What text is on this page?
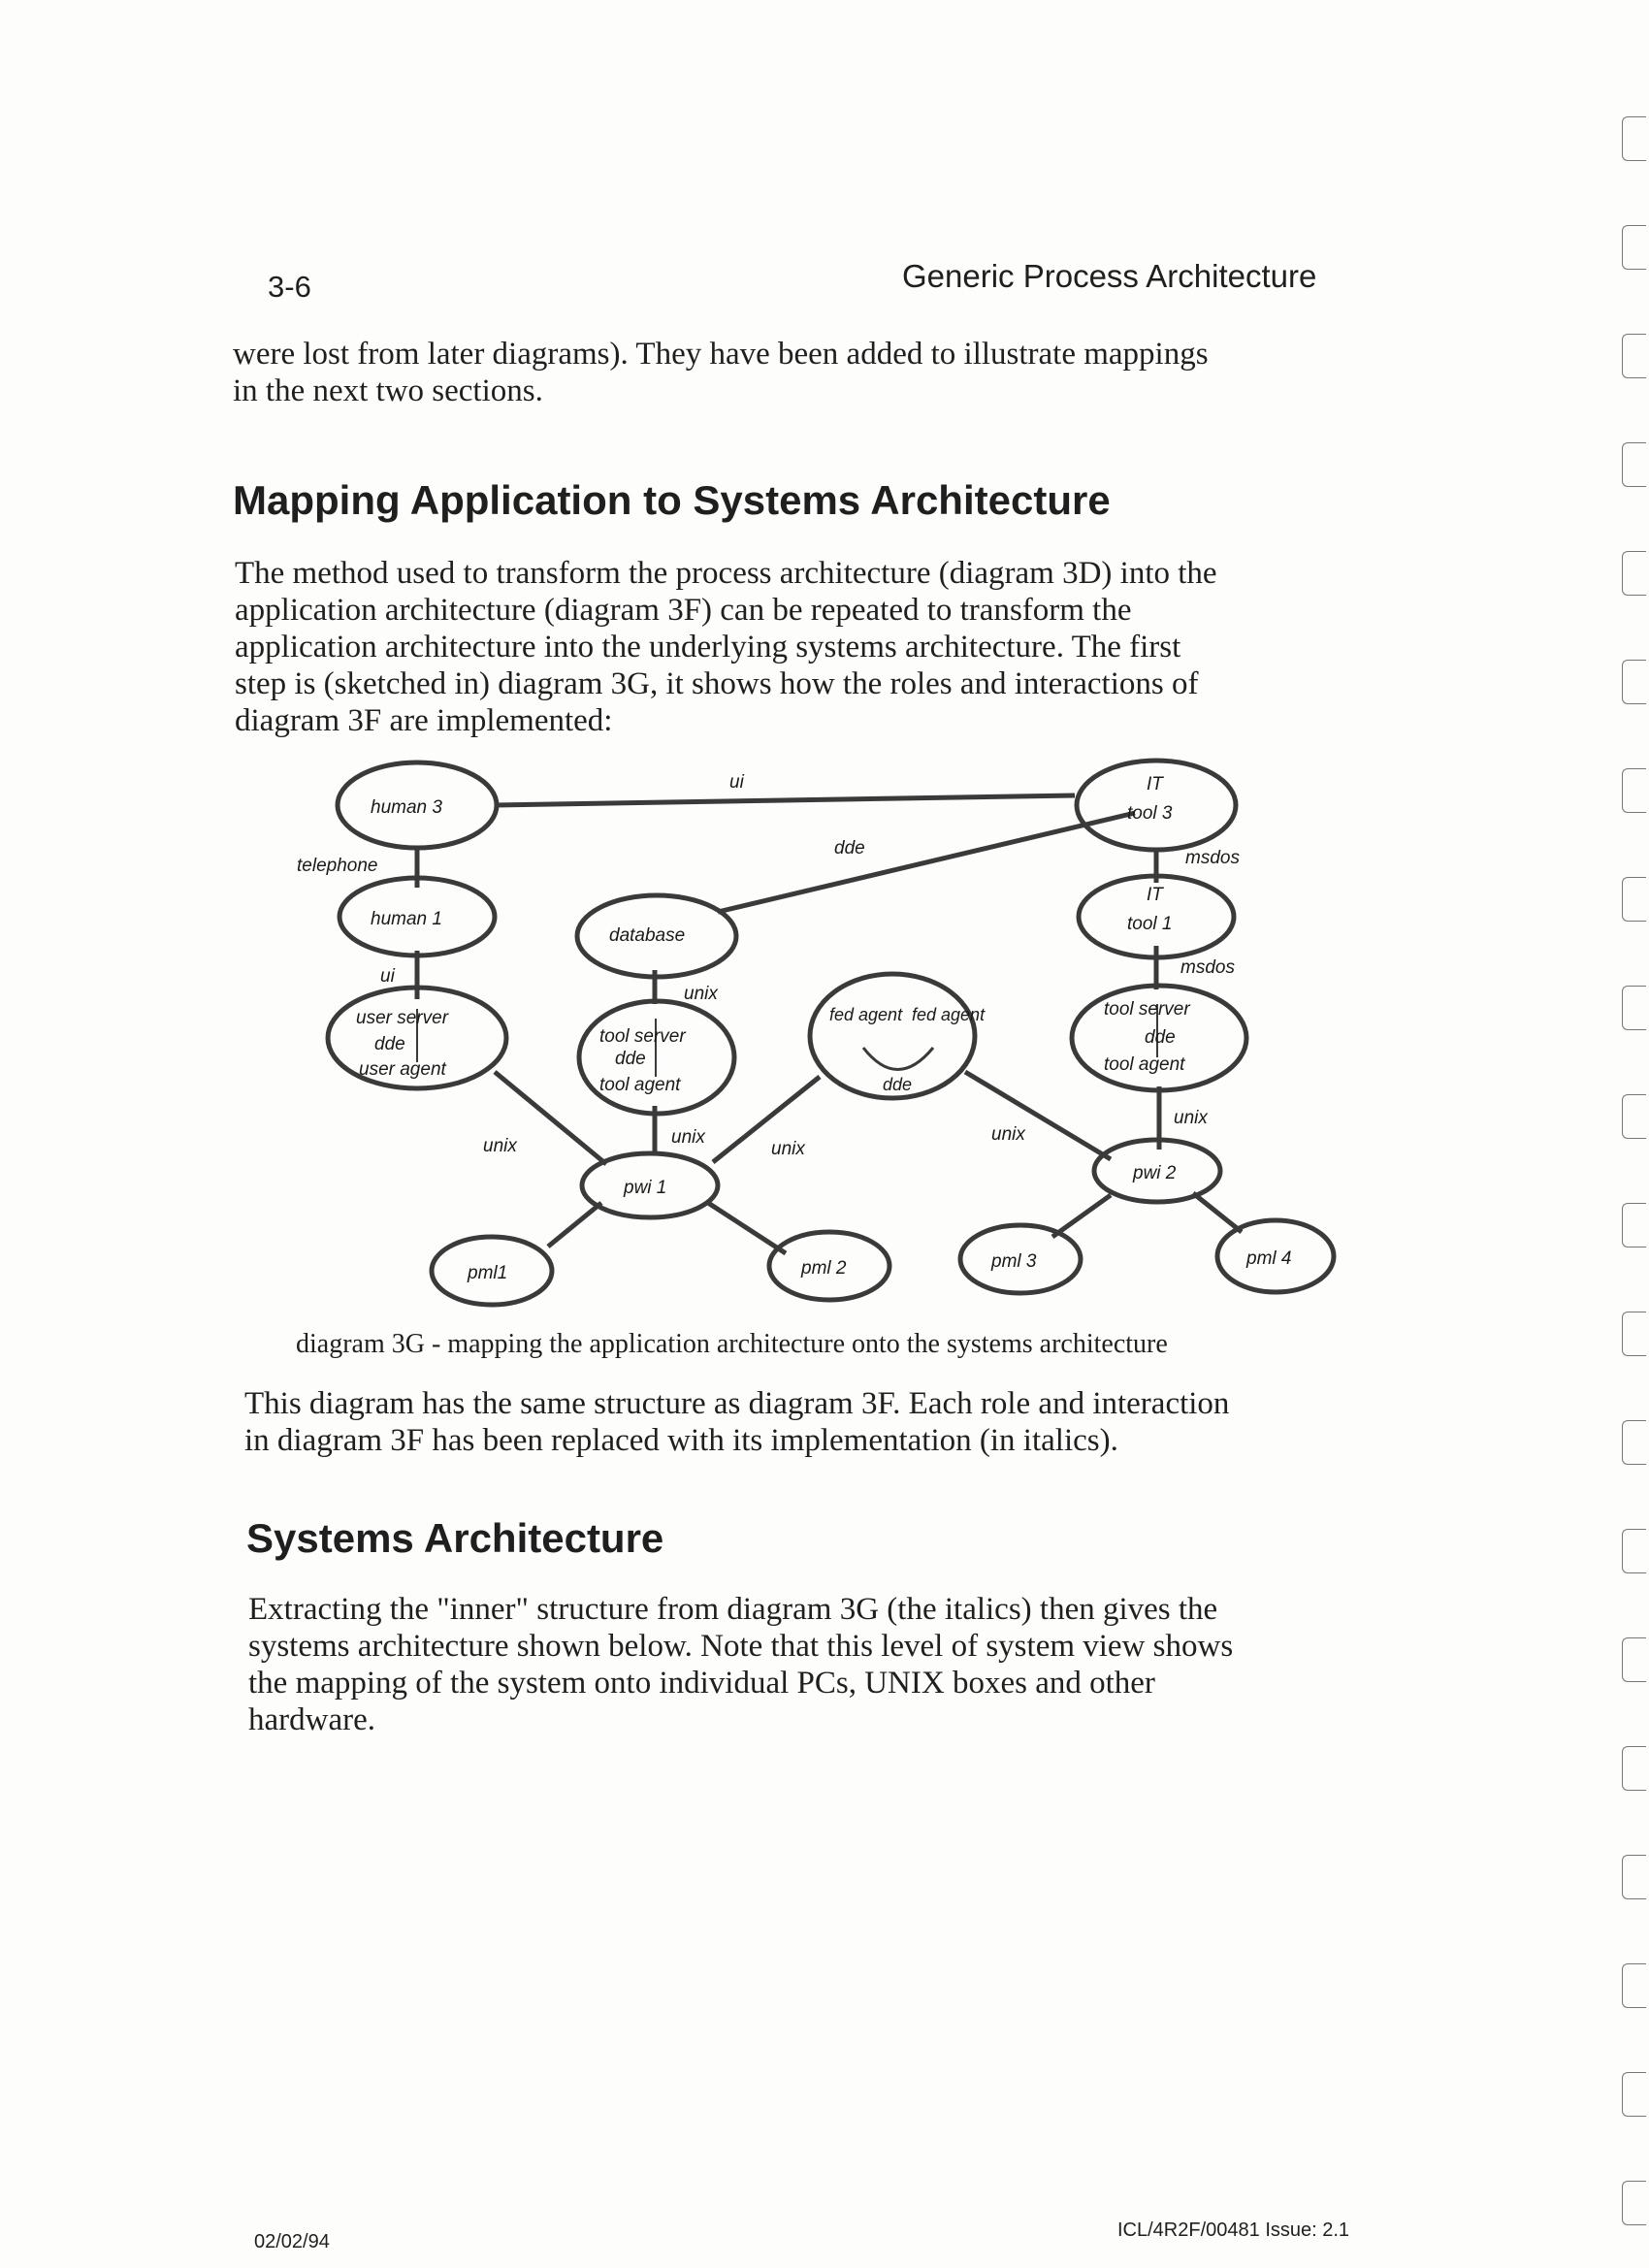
3-6	Generic Process Architecture
were lost from later diagrams). They have been added to illustrate mappings
in the next two sections.
Mapping Application to Systems Architecture
The method used to transform the process architecture (diagram 3D) into the
application architecture (diagram 3F) can be repeated to transform the
application architecture into the underlying systems architecture. The first
step is (sketched in) diagram 3G, it shows how the roles and interactions of
diagram 3F are implemented:
human 3
human 1
user server
dde
user agent
database
tool server
dde
tool agent
fed agent fed agent
dde
IT
tool 3
IT
tool 1
tool server
dde
tool agent
pwi 1
pwi 2
pml1	pml 2	pml 3	pml 4
ui
dde
telephone
ui
msdos
msdos
unix
unix
unix	unix
unix
unix
diagram 3G - mapping the application architecture onto the systems architecture
This diagram has the same structure as diagram 3F. Each role and interaction
in diagram 3F has been replaced with its implementation (in italics).
Systems Architecture
Extracting the "inner" structure from diagram 3G (the italics) then gives the
systems architecture shown below. Note that this level of system view shows
the mapping of the system onto individual PCs, UNIX boxes and other
hardware.
02/02/94
ICL/4R2F/00481 Issue: 2.1
